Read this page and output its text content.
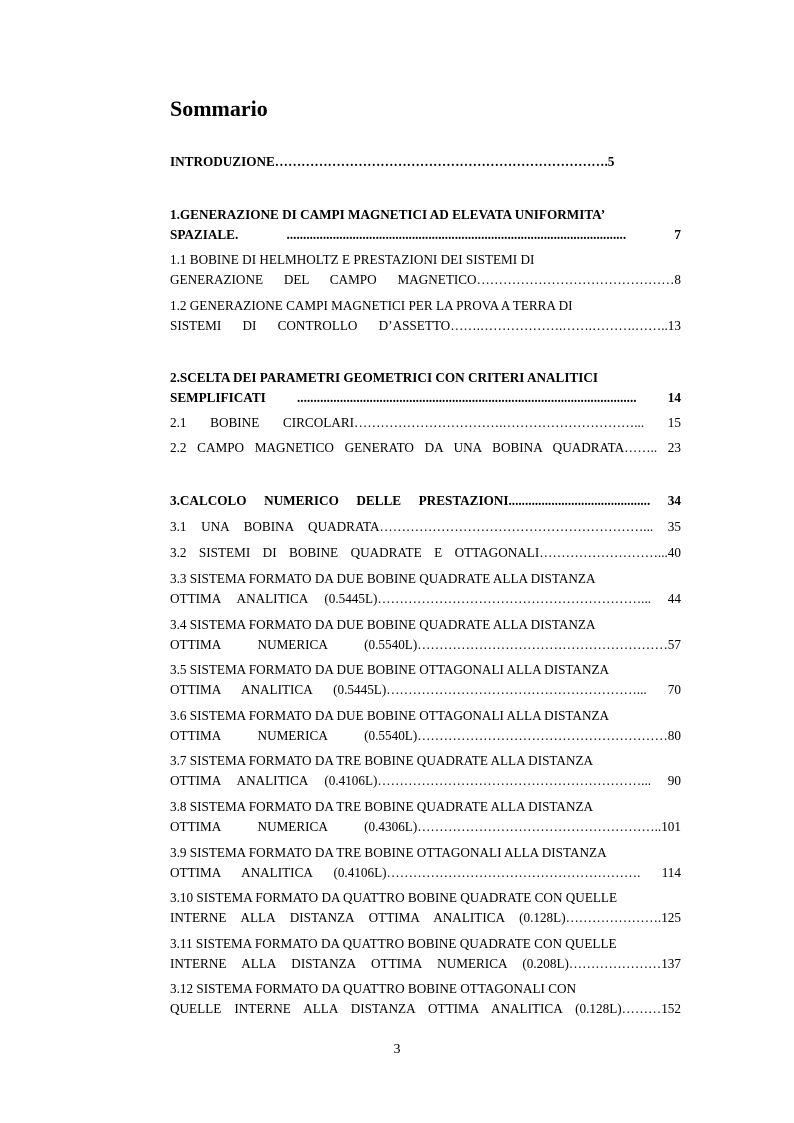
Sommario
INTRODUZIONE………………………………………………………………….5
1.GENERAZIONE DI CAMPI MAGNETICI AD ELEVATA UNIFORMITA’
SPAZIALE. ....................................................................................................... 7
1.1 BOBINE DI HELMHOLTZ E PRESTAZIONI DEI SISTEMI DI
GENERAZIONE DEL CAMPO MAGNETICO………………………………………8
1.2 GENERAZIONE CAMPI MAGNETICI PER LA PROVA A TERRA DI
SISTEMI DI CONTROLLO D’ASSETTO…….……………….…….……….……..13
2.SCELTA DEI PARAMETRI GEOMETRICI CON CRITERI ANALITICI
SEMPLIFICATI ....................................................................................................... 14
2.1 BOBINE CIRCOLARI…………………………….…………………………... 15
2.2 CAMPO MAGNETICO GENERATO DA UNA BOBINA QUADRATA…….. 23
3.CALCOLO NUMERICO DELLE PRESTAZIONI........................................... 34
3.1 UNA BOBINA QUADRATA……………………………………………………... 35
3.2 SISTEMI DI BOBINE QUADRATE E OTTAGONALI………………………...40
3.3 SISTEMA FORMATO DA DUE BOBINE QUADRATE ALLA DISTANZA
OTTIMA ANALITICA (0.5445L)……………………………………………………... 44
3.4 SISTEMA FORMATO DA DUE BOBINE QUADRATE ALLA DISTANZA
OTTIMA NUMERICA (0.5540L)…………………………………………………57
3.5 SISTEMA FORMATO DA DUE BOBINE OTTAGONALI ALLA DISTANZA
OTTIMA ANALITICA (0.5445L)…………………………………………………... 70
3.6 SISTEMA FORMATO DA DUE BOBINE OTTAGONALI ALLA DISTANZA
OTTIMA NUMERICA (0.5540L)…………………………………………………80
3.7 SISTEMA FORMATO DA TRE BOBINE QUADRATE ALLA DISTANZA
OTTIMA ANALITICA (0.4106L)……………………………………………………... 90
3.8 SISTEMA FORMATO DA TRE BOBINE QUADRATE ALLA DISTANZA
OTTIMA NUMERICA (0.4306L)………………………………………………..101
3.9 SISTEMA FORMATO DA TRE BOBINE OTTAGONALI ALLA DISTANZA
OTTIMA ANALITICA (0.4106L)…………………………………………………. 114
3.10 SISTEMA FORMATO DA QUATTRO BOBINE QUADRATE CON QUELLE
INTERNE ALLA DISTANZA OTTIMA ANALITICA (0.128L)………………….125
3.11 SISTEMA FORMATO DA QUATTRO BOBINE QUADRATE CON QUELLE
INTERNE ALLA DISTANZA OTTIMA NUMERICA (0.208L)…………………137
3.12 SISTEMA FORMATO DA QUATTRO BOBINE OTTAGONALI CON
QUELLE INTERNE ALLA DISTANZA OTTIMA ANALITICA (0.128L)………152
3
